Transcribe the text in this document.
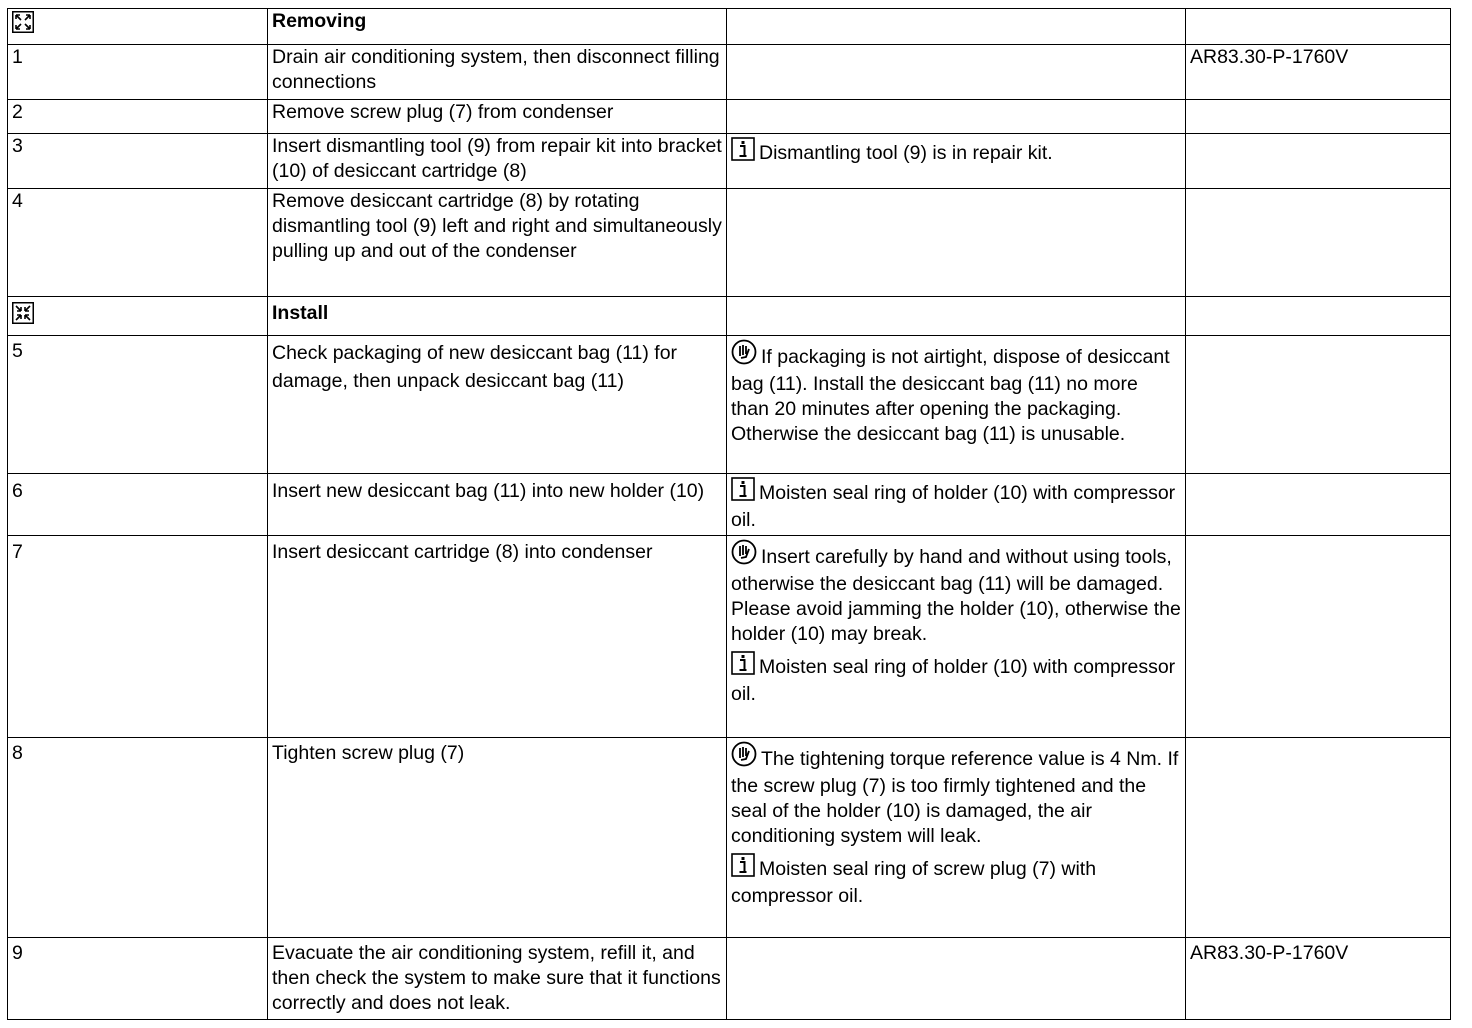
	Removing		
1	Drain air conditioning system, then disconnect filling connections		AR83.30-P-1760V
2	Remove screw plug (7) from condenser		
3	Insert dismantling tool (9) from repair kit into bracket (10) of desiccant cartridge (8)	Dismantling tool (9) is in repair kit.	
4	Remove desiccant cartridge (8) by rotating dismantling tool (9) left and right and simultaneously pulling up and out of the condenser		
	Install		
5	Check packaging of new desiccant bag (11) for damage, then unpack desiccant bag (11)	If packaging is not airtight, dispose of desiccant bag (11). Install the desiccant bag (11) no more than 20 minutes after opening the packaging. Otherwise the desiccant bag (11) is unusable.	
6	Insert new desiccant bag (11) into new holder (10)	Moisten seal ring of holder (10) with compressor oil.	
7	Insert desiccant cartridge (8) into condenser	Insert carefully by hand and without using tools, otherwise the desiccant bag (11) will be damaged.
Please avoid jamming the holder (10), otherwise the holder (10) may break.
Moisten seal ring of holder (10) with compressor oil.	
8	Tighten screw plug (7)	The tightening torque reference value is 4 Nm. If the screw plug (7) is too firmly tightened and the seal of the holder (10) is damaged, the air conditioning system will leak.
Moisten seal ring of screw plug (7) with compressor oil.	
9	Evacuate the air conditioning system, refill it, and then check the system to make sure that it functions correctly and does not leak.		AR83.30-P-1760V
